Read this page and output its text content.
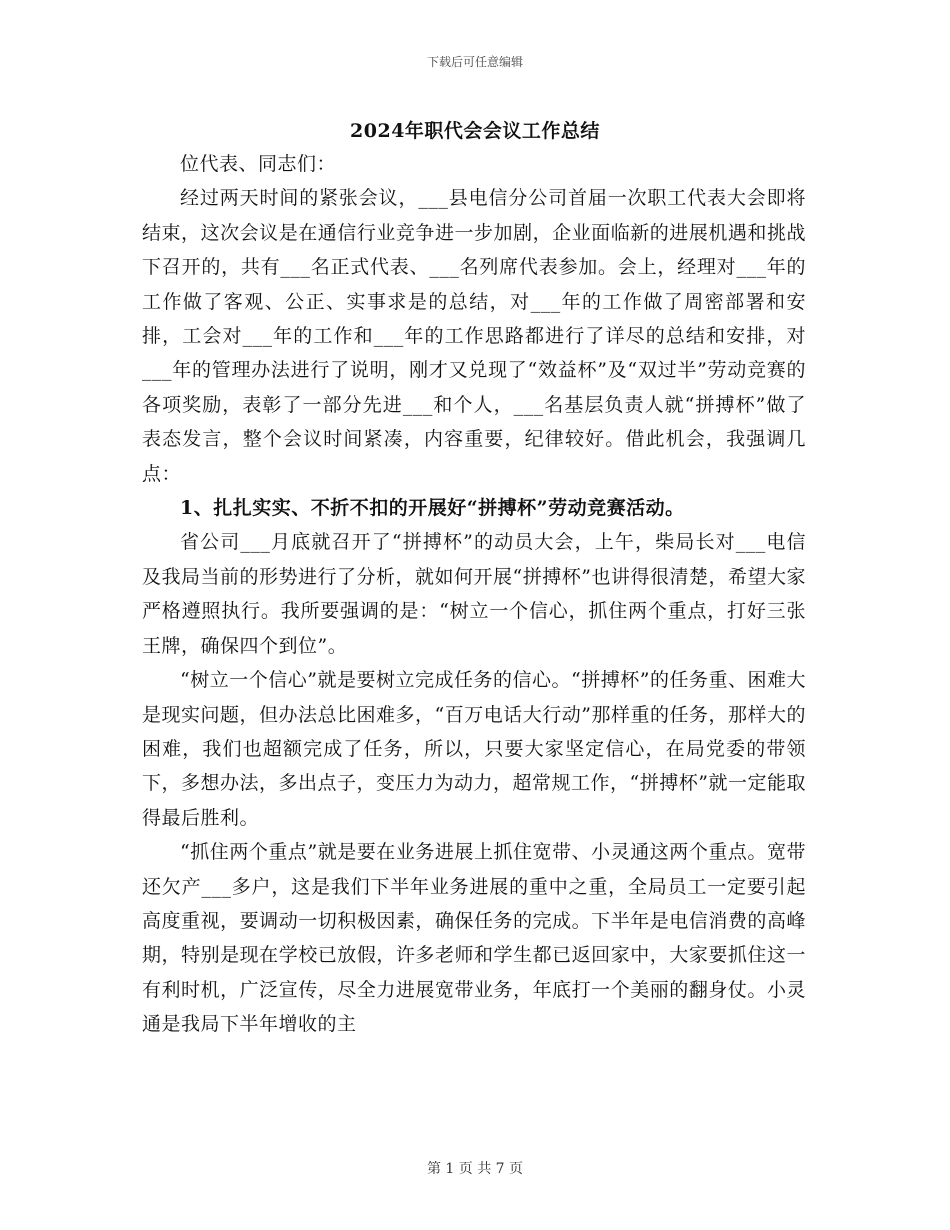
下载后可任意编辑
2024年职代会会议工作总结

位代表、同志们：

经过两天时间的紧张会议，___县电信分公司首届一次职工代表大会即将结束，这次会议是在通信行业竞争进一步加剧，企业面临新的进展机遇和挑战下召开的，共有___名正式代表、___名列席代表参加。会上，经理对___年的工作做了客观、公正、实事求是的总结，对___年的工作做了周密部署和安排，工会对___年的工作和___年的工作思路都进行了详尽的总结和安排，对___年的管理办法进行了说明，刚才又兑现了“效益杯”及“双过半”劳动竞赛的各项奖励，表彰了一部分先进___和个人，___名基层负责人就“拼搏杯”做了表态发言，整个会议时间紧凑，内容重要，纪律较好。借此机会，我强调几点：

1、扎扎实实、不折不扣的开展好“拼搏杯”劳动竞赛活动。

省公司___月底就召开了“拼搏杯”的动员大会，上午，柴局长对___电信及我局当前的形势进行了分析，就如何开展“拼搏杯”也讲得很清楚，希望大家严格遵照执行。我所要强调的是：“树立一个信心，抓住两个重点，打好三张王牌，确保四个到位”。

“树立一个信心”就是要树立完成任务的信心。“拼搏杯”的任务重、困难大是现实问题，但办法总比困难多，“百万电话大行动”那样重的任务，那样大的困难，我们也超额完成了任务，所以，只要大家坚定信心，在局党委的带领下，多想办法，多出点子，变压力为动力，超常规工作，“拼搏杯”就一定能取得最后胜利。

“抓住两个重点”就是要在业务进展上抓住宽带、小灵通这两个重点。宽带还欠产___多户，这是我们下半年业务进展的重中之重，全局员工一定要引起高度重视，要调动一切积极因素，确保任务的完成。下半年是电信消费的高峰期，特别是现在学校已放假，许多老师和学生都已返回家中，大家要抓住这一有利时机，广泛宣传，尽全力进展宽带业务，年底打一个美丽的翻身仗。小灵通是我局下半年增收的主

第 1 页 共 7 页
